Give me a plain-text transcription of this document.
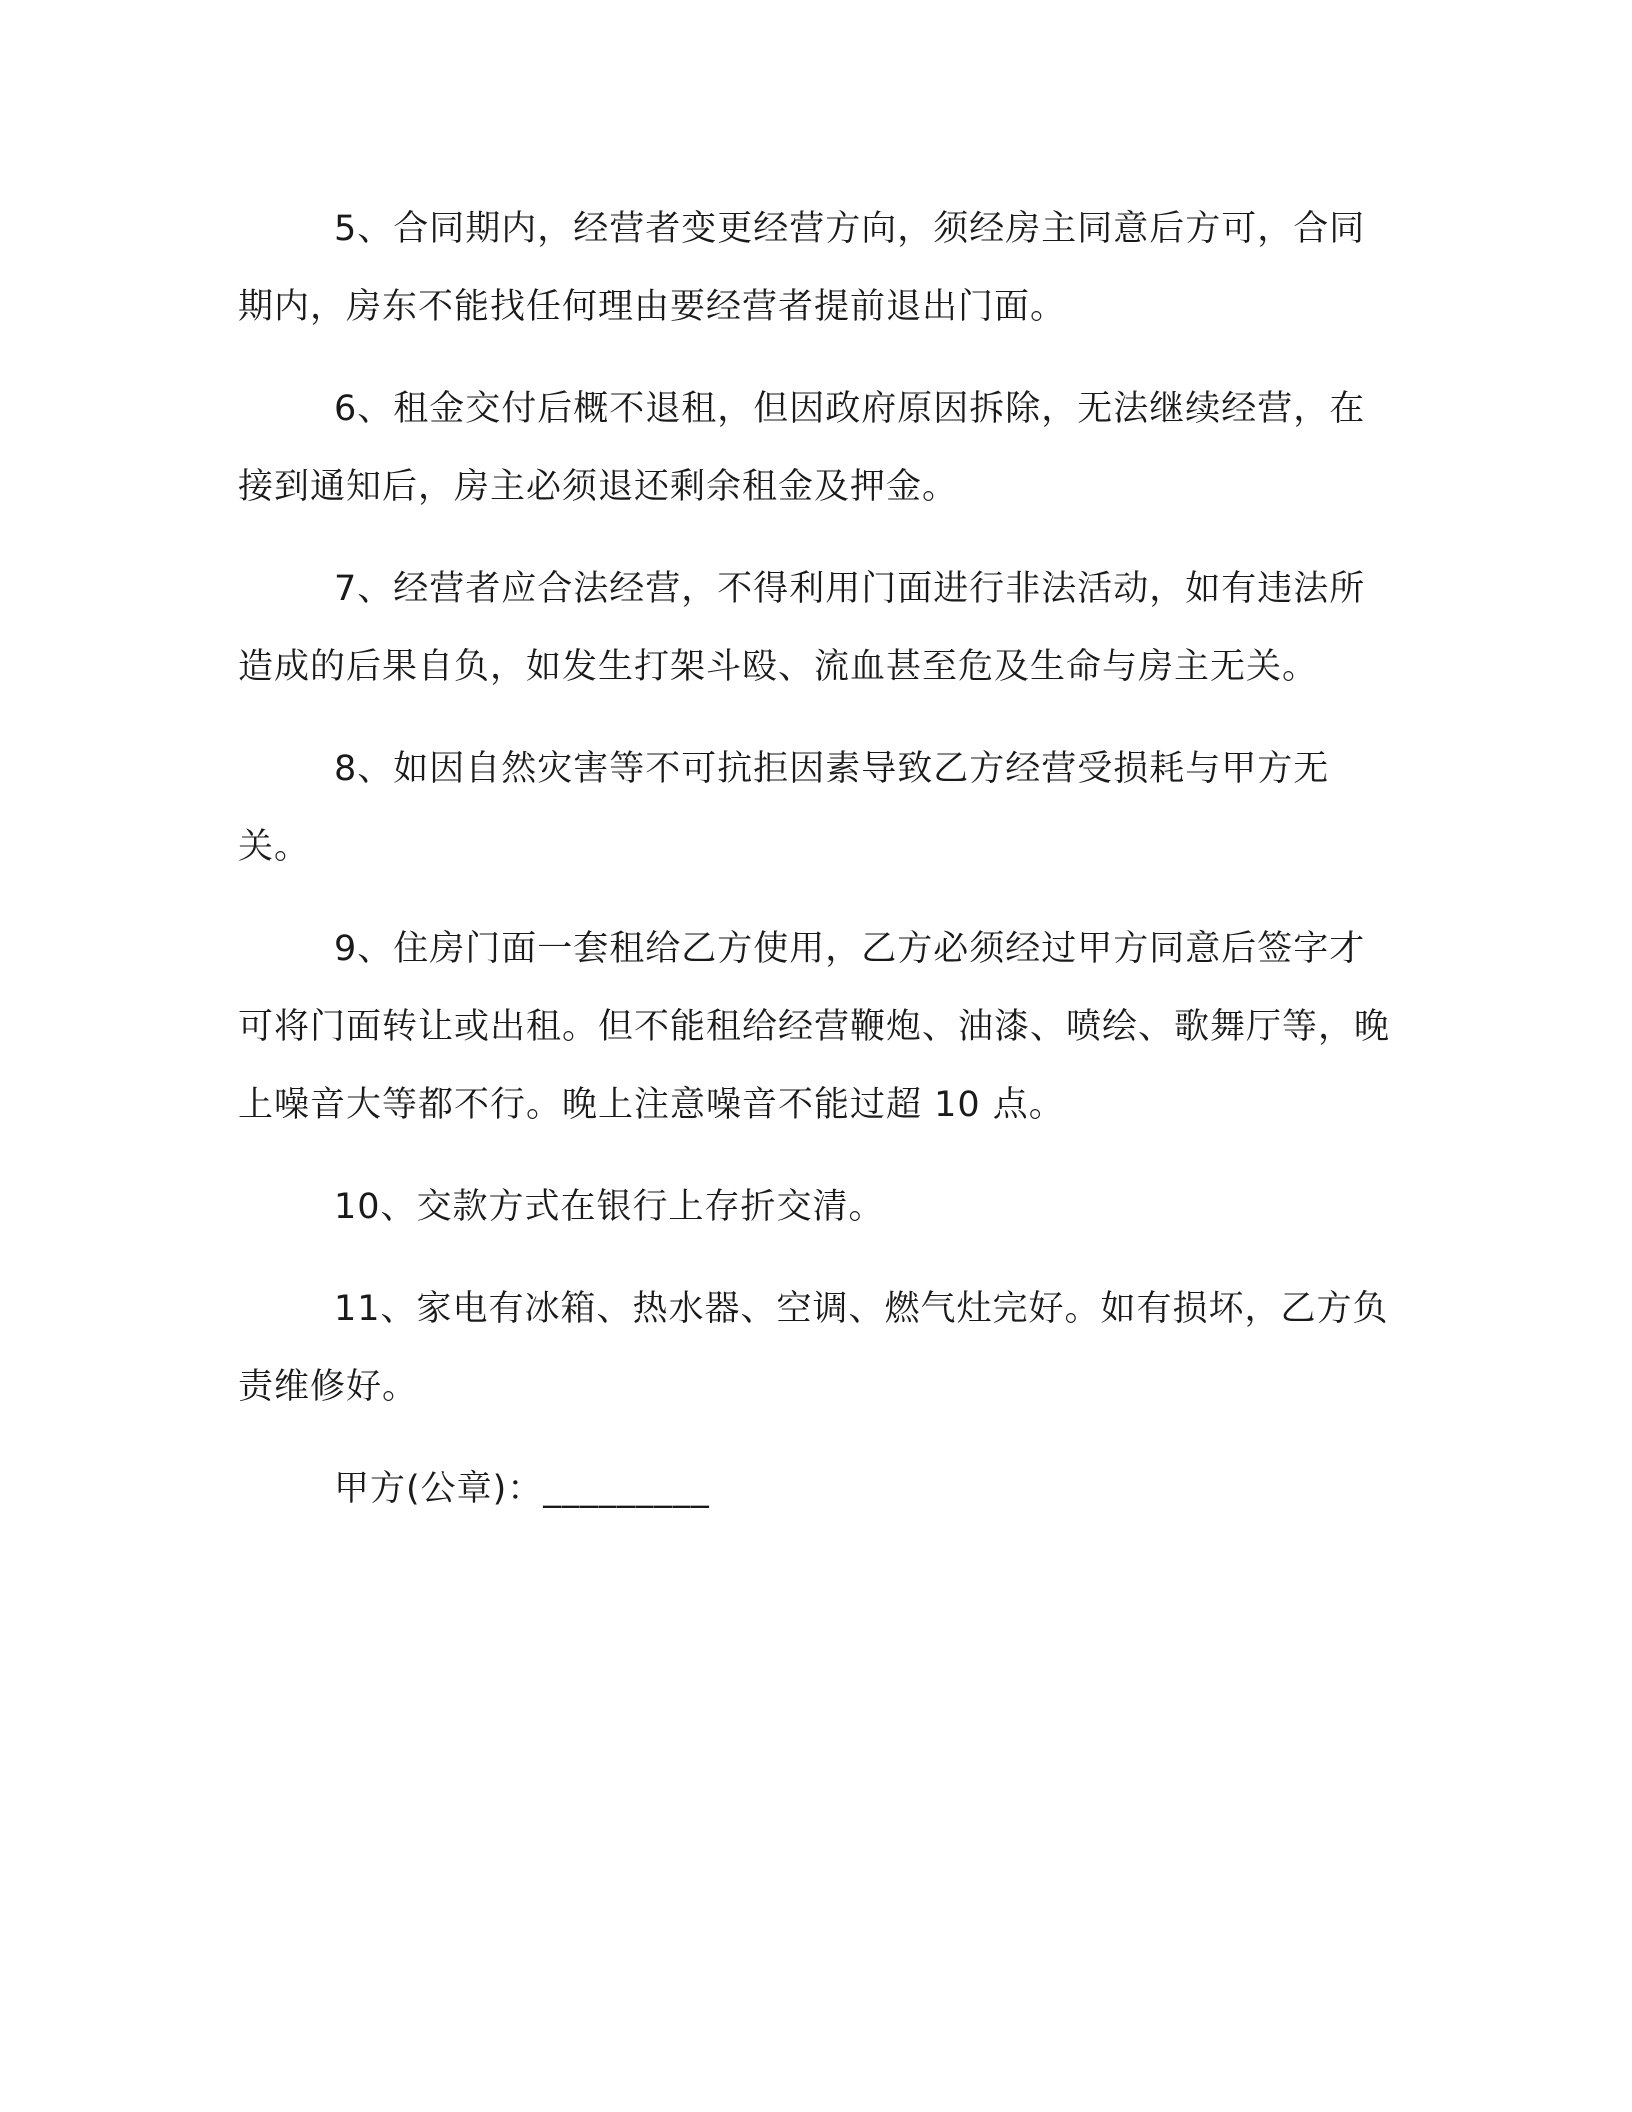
5、合同期内，经营者变更经营方向，须经房主同意后方可，合同期内，房东不能找任何理由要经营者提前退出门面。

6、租金交付后概不退租，但因政府原因拆除，无法继续经营，在接到通知后，房主必须退还剩余租金及押金。

7、经营者应合法经营，不得利用门面进行非法活动，如有违法所造成的后果自负，如发生打架斗殴、流血甚至危及生命与房主无关。

8、如因自然灾害等不可抗拒因素导致乙方经营受损耗与甲方无关。

9、住房门面一套租给乙方使用，乙方必须经过甲方同意后签字才可将门面转让或出租。但不能租给经营鞭炮、油漆、喷绘、歌舞厅等，晚上噪音大等都不行。晚上注意噪音不能过超 10 点。

10、交款方式在银行上存折交清。

11、家电有冰箱、热水器、空调、燃气灶完好。如有损坏，乙方负责维修好。

甲方(公章)：_________
